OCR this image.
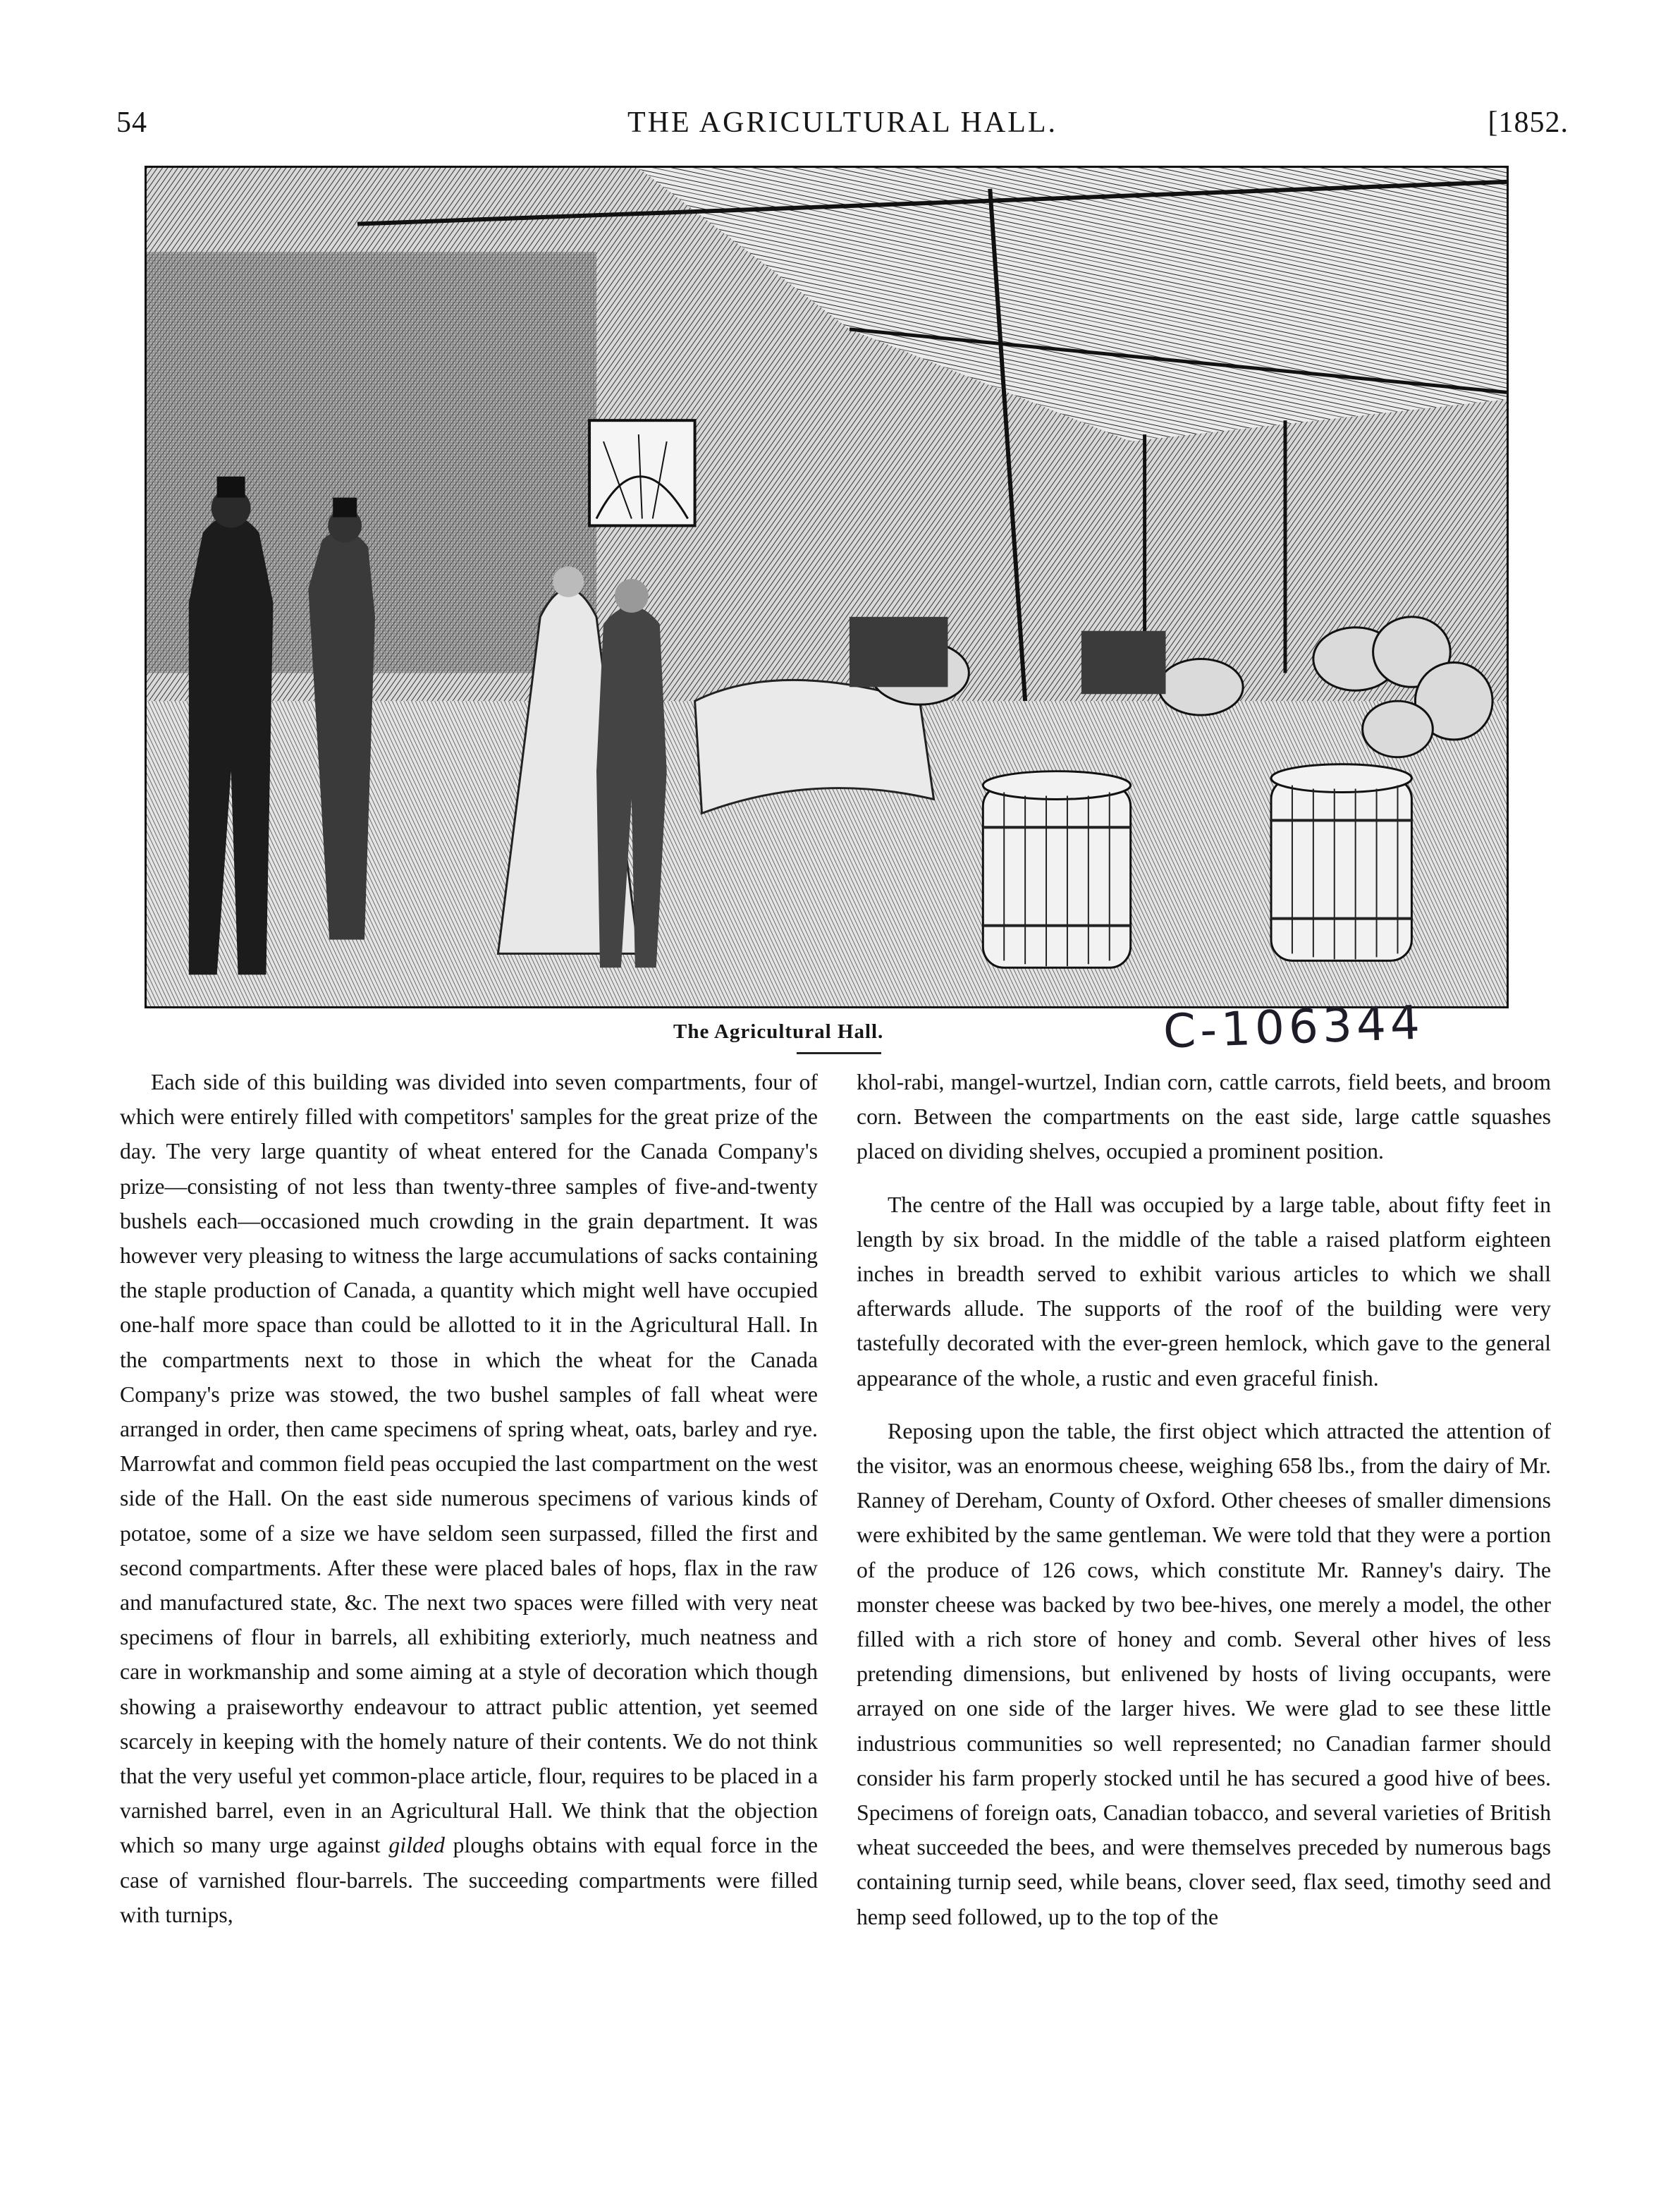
54	THE AGRICULTURAL HALL.	[1852.
The Agricultural Hall.	C-106344

Each side of this building was divided into seven compartments, four of which were entirely filled with competitors' samples for the great prize of the day. The very large quantity of wheat entered for the Canada Company's prize—consisting of not less than twenty-three samples of five-and-twenty bushels each—occasioned much crowding in the grain department. It was however very pleasing to witness the large accumulations of sacks containing the staple production of Canada, a quantity which might well have occupied one-half more space than could be allotted to it in the Agricultural Hall. In the compartments next to those in which the wheat for the Canada Company's prize was stowed, the two bushel samples of fall wheat were arranged in order, then came specimens of spring wheat, oats, barley and rye. Marrowfat and common field peas occupied the last compartment on the west side of the Hall. On the east side numerous specimens of various kinds of potatoe, some of a size we have seldom seen surpassed, filled the first and second compartments. After these were placed bales of hops, flax in the raw and manufactured state, &c. The next two spaces were filled with very neat specimens of flour in barrels, all exhibiting exteriorly, much neatness and care in workmanship and some aiming at a style of decoration which though showing a praiseworthy endeavour to attract public attention, yet seemed scarcely in keeping with the homely nature of their contents. We do not think that the very useful yet common-place article, flour, requires to be placed in a varnished barrel, even in an Agricultural Hall. We think that the objection which so many urge against gilded ploughs obtains with equal force in the case of varnished flour-barrels. The succeeding compartments were filled with turnips,

khol-rabi, mangel-wurtzel, Indian corn, cattle carrots, field beets, and broom corn. Between the compartments on the east side, large cattle squashes placed on dividing shelves, occupied a prominent position.

The centre of the Hall was occupied by a large table, about fifty feet in length by six broad. In the middle of the table a raised platform eighteen inches in breadth served to exhibit various articles to which we shall afterwards allude. The supports of the roof of the building were very tastefully decorated with the ever-green hemlock, which gave to the general appearance of the whole, a rustic and even graceful finish.

Reposing upon the table, the first object which attracted the attention of the visitor, was an enormous cheese, weighing 658 lbs., from the dairy of Mr. Ranney of Dereham, County of Oxford. Other cheeses of smaller dimensions were exhibited by the same gentleman. We were told that they were a portion of the produce of 126 cows, which constitute Mr. Ranney's dairy. The monster cheese was backed by two bee-hives, one merely a model, the other filled with a rich store of honey and comb. Several other hives of less pretending dimensions, but enlivened by hosts of living occupants, were arrayed on one side of the larger hives. We were glad to see these little industrious communities so well represented; no Canadian farmer should consider his farm properly stocked until he has secured a good hive of bees. Specimens of foreign oats, Canadian tobacco, and several varieties of British wheat succeeded the bees, and were themselves preceded by numerous bags containing turnip seed, while beans, clover seed, flax seed, timothy seed and hemp seed followed, up to the top of the
